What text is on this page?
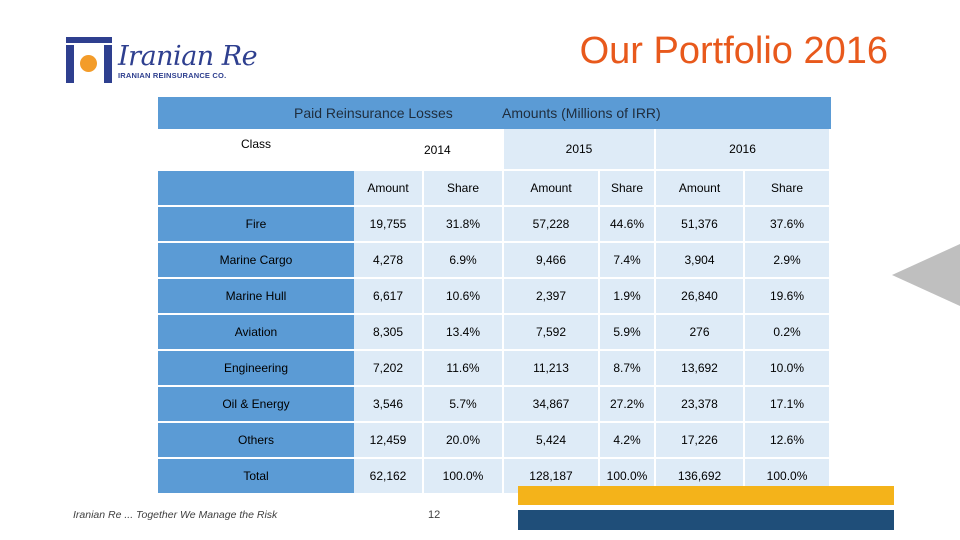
Iranian Re
IRANIAN REINSURANCE CO.
Our Portfolio 2016
Paid Reinsurance Losses	Amounts (Millions of IRR)
Class		2014	2015		2016	
	Amount	Share	Amount	Share	Amount	Share
Fire	19,755	31.8%	57,228	44.6%	51,376	37.6%
Marine Cargo	4,278	6.9%	9,466	7.4%	3,904	2.9%
Marine Hull	6,617	10.6%	2,397	1.9%	26,840	19.6%
Aviation	8,305	13.4%	7,592	5.9%	276	0.2%
Engineering	7,202	11.6%	11,213	8.7%	13,692	10.0%
Oil & Energy	3,546	5.7%	34,867	27.2%	23,378	17.1%
Others	12,459	20.0%	5,424	4.2%	17,226	12.6%
Total	62,162	100.0%	128,187	100.0%	136,692	100.0%
Iranian Re ... Together We Manage the Risk	12
